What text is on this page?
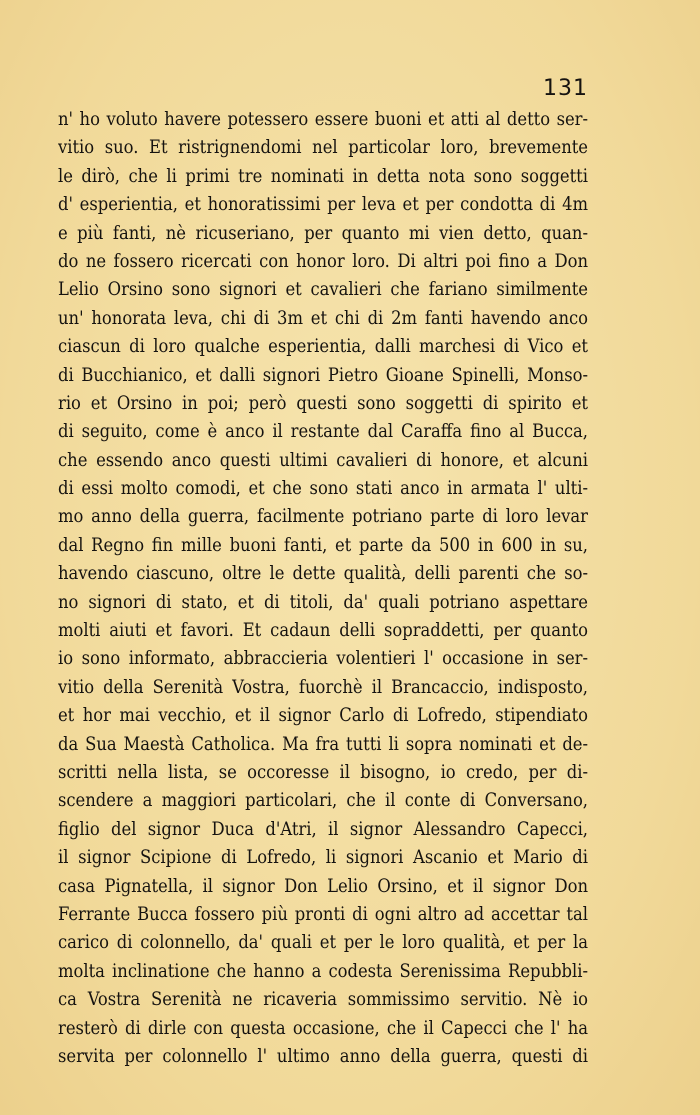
131

n' ho voluto havere potessero essere buoni et atti al detto ser-

vitio suo. Et ristrignendomi nel particolar loro, brevemente

le dirò, che li primi tre nominati in detta nota sono soggetti

d' esperientia, et honoratissimi per leva et per condotta di 4m

e più fanti, nè ricuseriano, per quanto mi vien detto, quan-

do ne fossero ricercati con honor loro. Di altri poi fino a Don

Lelio Orsino sono signori et cavalieri che fariano similmente

un' honorata leva, chi di 3m et chi di 2m fanti havendo anco

ciascun di loro qualche esperientia, dalli marchesi di Vico et

di Bucchianico, et dalli signori Pietro Gioane Spinelli, Monso-

rio et Orsino in poi; però questi sono soggetti di spirito et

di seguito, come è anco il restante dal Caraffa fino al Bucca,

che essendo anco questi ultimi cavalieri di honore, et alcuni

di essi molto comodi, et che sono stati anco in armata l' ulti-

mo anno della guerra, facilmente potriano parte di loro levar

dal Regno fin mille buoni fanti, et parte da 500 in 600 in su,

havendo ciascuno, oltre le dette qualità, delli parenti che so-

no signori di stato, et di titoli, da' quali potriano aspettare

molti aiuti et favori. Et cadaun delli sopraddetti, per quanto

io sono informato, abbraccieria volentieri l' occasione in ser-

vitio della Serenità Vostra, fuorchè il Brancaccio, indisposto,

et hor mai vecchio, et il signor Carlo di Lofredo, stipendiato

da Sua Maestà Catholica. Ma fra tutti li sopra nominati et de-

scritti nella lista, se occoresse il bisogno, io credo, per di-

scendere a maggiori particolari, che il conte di Conversano,

figlio del signor Duca d'Atri, il signor Alessandro Capecci,

il signor Scipione di Lofredo, li signori Ascanio et Mario di

casa Pignatella, il signor Don Lelio Orsino, et il signor Don

Ferrante Bucca fossero più pronti di ogni altro ad accettar tal

carico di colonnello, da' quali et per le loro qualità, et per la

molta inclinatione che hanno a codesta Serenissima Repubbli-

ca Vostra Serenità ne ricaveria sommissimo servitio. Nè io

resterò di dirle con questa occasione, che il Capecci che l' ha

servita per colonnello l' ultimo anno della guerra, questi di
